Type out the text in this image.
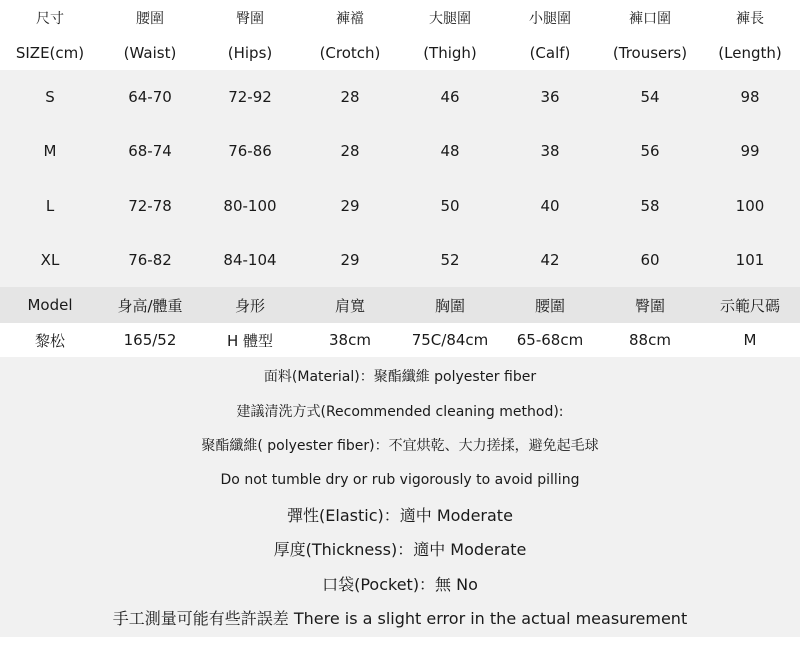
尺寸	腰圍	臀圍	褲襠	大腿圍	小腿圍	褲口圍	褲長
SIZE(cm)	(Waist)	(Hips)	(Crotch)	(Thigh)	(Calf)	(Trousers)	(Length)
S	64-70	72-92	28	46	36	54	98
M	68-74	76-86	28	48	38	56	99
L	72-78	80-100	29	50	40	58	100
XL	76-82	84-104	29	52	42	60	101
Model	身高/體重	身形	肩寬	胸圍	腰圍	臀圍	示範尺碼
黎松	165/52	H 體型	38cm	75C/84cm	65-68cm	88cm	M
面料(Material)：聚酯纖維 polyester fiber
建議清洗方式(Recommended cleaning method):
聚酯纖維( polyester fiber)：不宜烘乾、大力搓揉，避免起毛球
Do not tumble dry or rub vigorously to avoid pilling
彈性(Elastic)：適中 Moderate
厚度(Thickness)：適中 Moderate
口袋(Pocket)：無 No
手工測量可能有些許誤差 There is a slight error in the actual measurement
